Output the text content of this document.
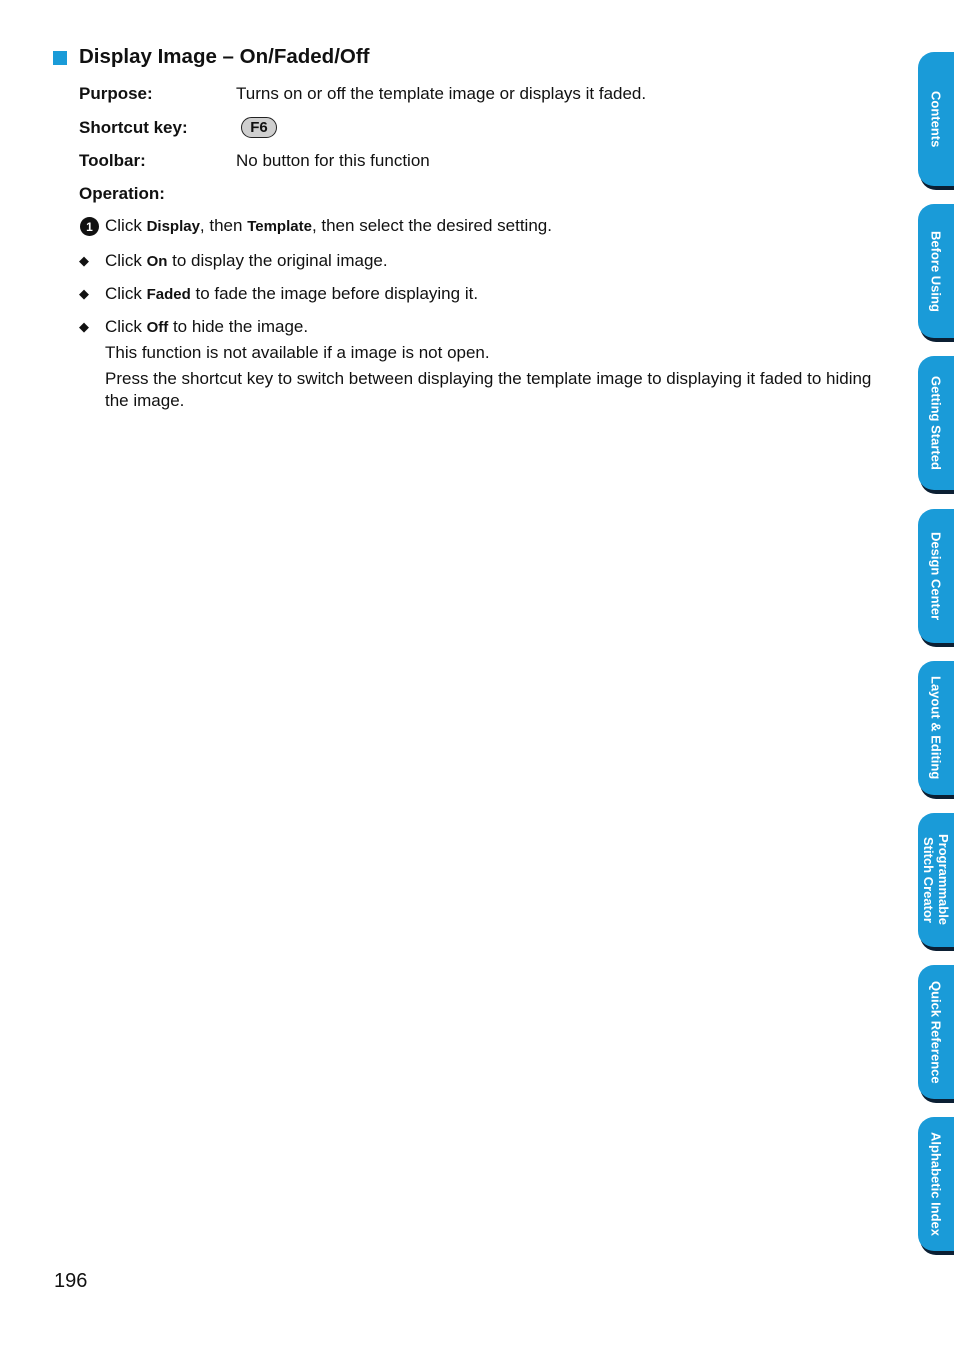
Display Image – On/Faded/Off
Purpose:	Turns on or off the template image or displays it faded.
Shortcut key:	F6
Toolbar:	No button for this function
Operation:
1 Click Display, then Template, then select the desired setting.
◆ Click On to display the original image.
◆ Click Faded to fade the image before displaying it.
◆ Click Off to hide the image.
This function is not available if a image is not open.
Press the shortcut key to switch between displaying the template image to displaying it faded to hiding the image.
196
Contents
Before Using
Getting Started
Design Center
Layout & Editing
Programmable
Stitch Creator
Quick Reference
Alphabetic Index
